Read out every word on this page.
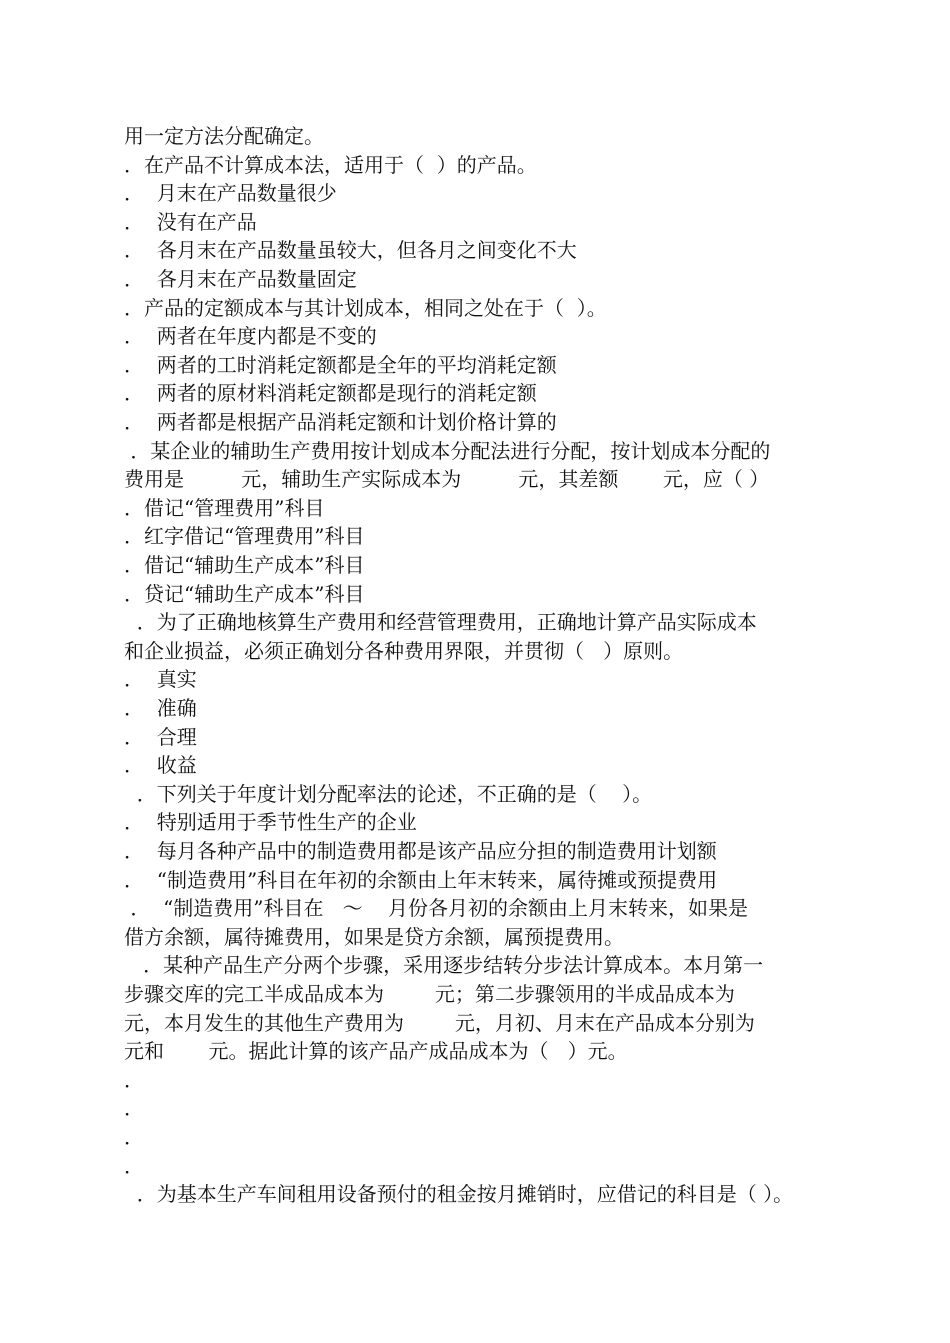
用一定方法分配确定。
．在产品不计算成本法，适用于（  ）的产品。
．  月末在产品数量很少
．  没有在产品
．  各月末在产品数量虽较大，但各月之间变化不大
．  各月末在产品数量固定
．产品的定额成本与其计划成本，相同之处在于（  ）。
．  两者在年度内都是不变的
．  两者的工时消耗定额都是全年的平均消耗定额
．  两者的原材料消耗定额都是现行的消耗定额
．  两者都是根据产品消耗定额和计划价格计算的
．某企业的辅助生产费用按计划成本分配法进行分配，按计划成本分配的
费用是         元，辅助生产实际成本为         元，其差额       元，应（ ）
．借记“管理费用”科目
．红字借记“管理费用”科目
．借记“辅助生产成本”科目
．贷记“辅助生产成本”科目
．为了正确地核算生产费用和经营管理费用，正确地计算产品实际成本
和企业损益，必须正确划分各种费用界限，并贯彻（   ）原则。
．  真实
．  准确
．  合理
．  收益
．下列关于年度计划分配率法的论述，不正确的是（    ）。
．  特别适用于季节性生产的企业
．  每月各种产品中的制造费用都是该产品应分担的制造费用计划额
．  “制造费用”科目在年初的余额由上年末转来，属待摊或预提费用
．  “制造费用”科目在   ～    月份各月初的余额由上月末转来，如果是
借方余额，属待摊费用，如果是贷方余额，属预提费用。
．某种产品生产分两个步骤，采用逐步结转分步法计算成本。本月第一
步骤交库的完工半成品成本为        元；第二步骤领用的半成品成本为
元，本月发生的其他生产费用为        元，月初、月末在产品成本分别为
元和       元。据此计算的该产品产成品成本为（   ）元。
．
．
．
．
．为基本生产车间租用设备预付的租金按月摊销时，应借记的科目是（ ）。
